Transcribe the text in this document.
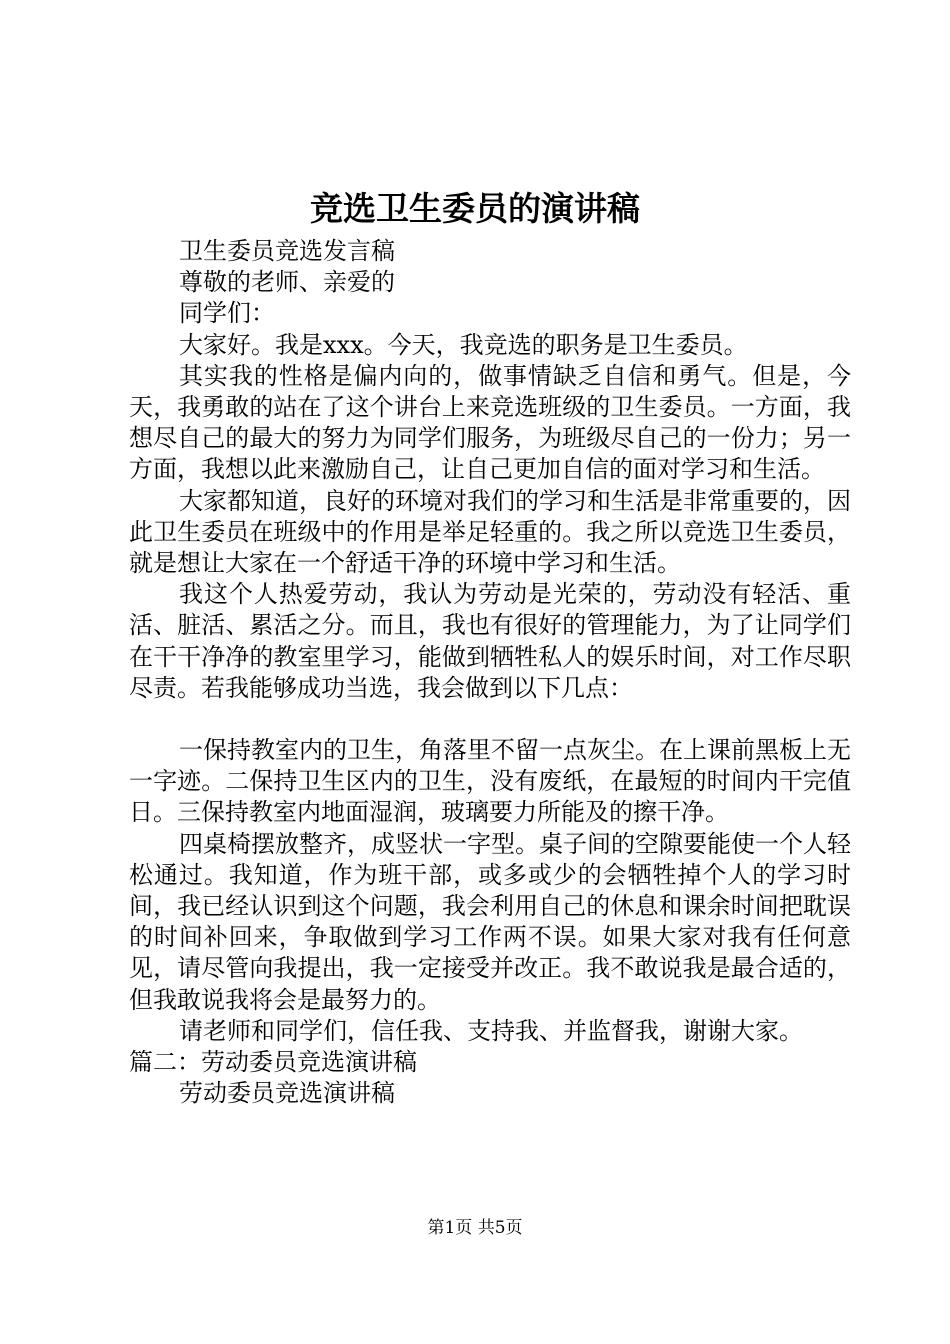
竞选卫生委员的演讲稿

卫生委员竞选发言稿

尊敬的老师、亲爱的

同学们：

大家好。我是xxx。今天，我竞选的职务是卫生委员。

其实我的性格是偏内向的，做事情缺乏自信和勇气。但是，今天，我勇敢的站在了这个讲台上来竞选班级的卫生委员。一方面，我想尽自己的最大的努力为同学们服务，为班级尽自己的一份力；另一方面，我想以此来激励自己，让自己更加自信的面对学习和生活。

大家都知道，良好的环境对我们的学习和生活是非常重要的，因此卫生委员在班级中的作用是举足轻重的。我之所以竞选卫生委员，就是想让大家在一个舒适干净的环境中学习和生活。

我这个人热爱劳动，我认为劳动是光荣的，劳动没有轻活、重活、脏活、累活之分。而且，我也有很好的管理能力，为了让同学们在干干净净的教室里学习，能做到牺牲私人的娱乐时间，对工作尽职尽责。若我能够成功当选，我会做到以下几点：

一保持教室内的卫生，角落里不留一点灰尘。在上课前黑板上无一字迹。二保持卫生区内的卫生，没有废纸，在最短的时间内干完值日。三保持教室内地面湿润，玻璃要力所能及的擦干净。

四桌椅摆放整齐，成竖状一字型。桌子间的空隙要能使一个人轻松通过。我知道，作为班干部，或多或少的会牺牲掉个人的学习时间，我已经认识到这个问题，我会利用自己的休息和课余时间把耽误的时间补回来，争取做到学习工作两不误。如果大家对我有任何意见，请尽管向我提出，我一定接受并改正。我不敢说我是最合适的，但我敢说我将会是最努力的。

请老师和同学们，信任我、支持我、并监督我，谢谢大家。

篇二：劳动委员竞选演讲稿

劳动委员竞选演讲稿

第1页 共5页
